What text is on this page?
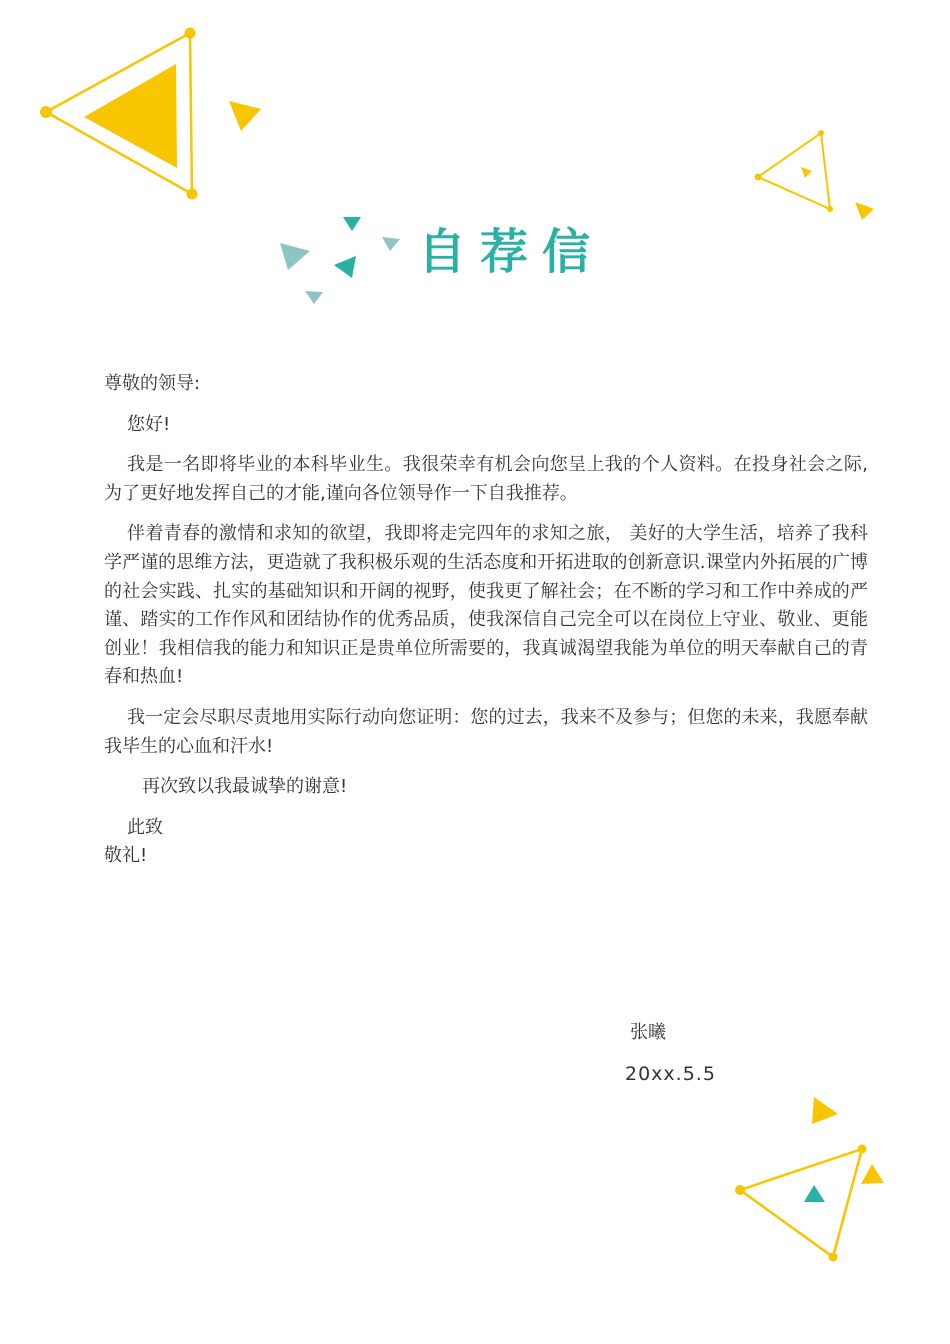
自荐信

尊敬的领导:

您好!

我是一名即将毕业的本科毕业生。我很荣幸有机会向您呈上我的个人资料。在投身社会之际,为了更好地发挥自己的才能,谨向各位领导作一下自我推荐。

伴着青春的激情和求知的欲望，我即将走完四年的求知之旅， 美好的大学生活，培养了我科学严谨的思维方法，更造就了我积极乐观的生活态度和开拓进取的创新意识.课堂内外拓展的广博的社会实践、扎实的基础知识和开阔的视野，使我更了解社会；在不断的学习和工作中养成的严谨、踏实的工作作风和团结协作的优秀品质，使我深信自己完全可以在岗位上守业、敬业、更能创业！我相信我的能力和知识正是贵单位所需要的，我真诚渴望我能为单位的明天奉献自己的青春和热血!

我一定会尽职尽责地用实际行动向您证明：您的过去，我来不及参与；但您的未来，我愿奉献我毕生的心血和汗水!

再次致以我最诚挚的谢意!

此致

敬礼!

张曦
20xx.5.5
